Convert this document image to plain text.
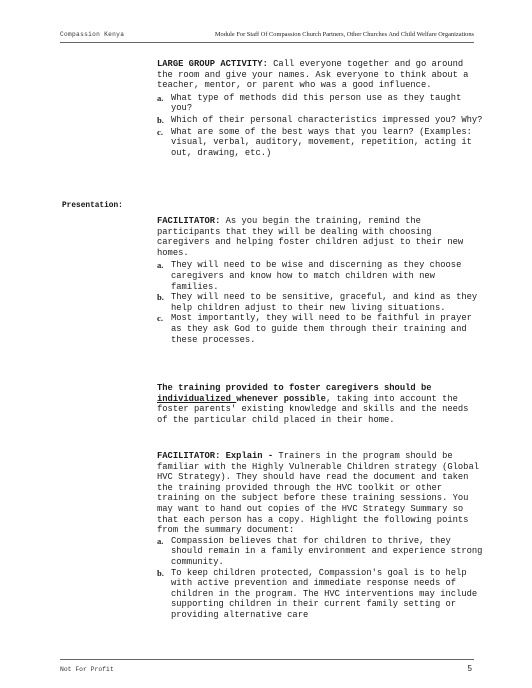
Compassion Kenya	Module For Staff Of Compassion Church Partners, Other Churches And Child Welfare Organizations
Presentation:

LARGE GROUP ACTIVITY: Call everyone together and go around the room and give your names. Ask everyone to think about a teacher, mentor, or parent who was a good influence.

a. What type of methods did this person use as they taught you?
b. Which of their personal characteristics impressed you? Why?
c. What are some of the best ways that you learn? (Examples: visual, verbal, auditory, movement, repetition, acting it out, drawing, etc.)

FACILITATOR: As you begin the training, remind the participants that they will be dealing with choosing caregivers and helping foster children adjust to their new homes.

a. They will need to be wise and discerning as they choose caregivers and know how to match children with new families.
b. They will need to be sensitive, graceful, and kind as they help children adjust to their new living situations.
c. Most importantly, they will need to be faithful in prayer as they ask God to guide them through their training and these processes.

The training provided to foster caregivers should be individualized whenever possible, taking into account the foster parents' existing knowledge and skills and the needs of the particular child placed in their home.

FACILITATOR: Explain - Trainers in the program should be familiar with the Highly Vulnerable Children strategy (Global HVC Strategy). They should have read the document and taken the training provided through the HVC toolkit or other training on the subject before these training sessions. You may want to hand out copies of the HVC Strategy Summary so that each person has a copy. Highlight the following points from the summary document:

a. Compassion believes that for children to thrive, they should remain in a family environment and experience strong community.
b. To keep children protected, Compassion's goal is to help with active prevention and immediate response needs of children in the program. The HVC interventions may include supporting children in their current family setting or providing alternative care
Not For Profit	5
